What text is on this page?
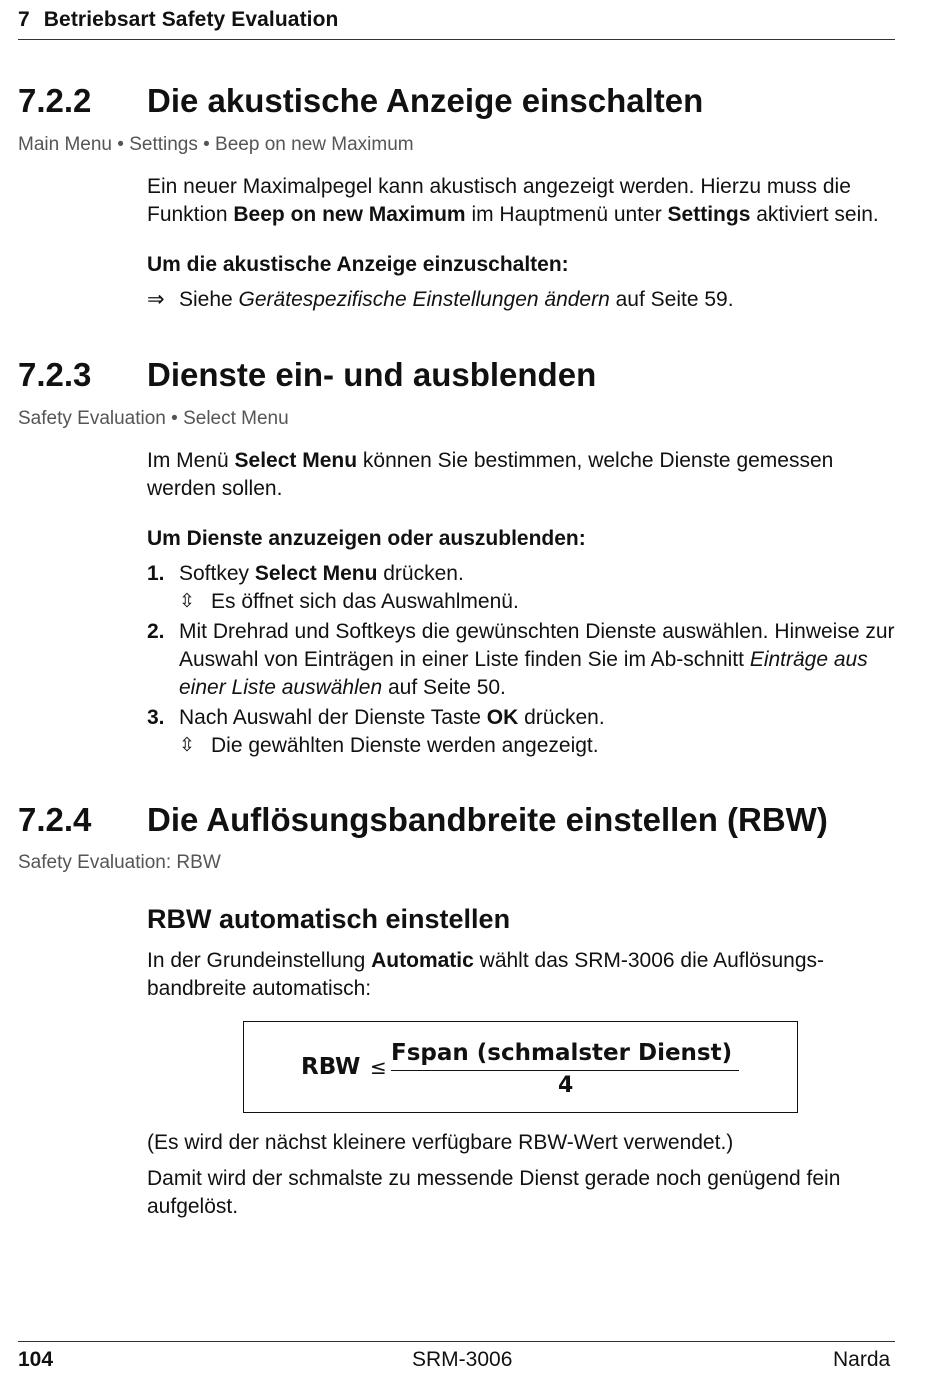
7 Betriebsart Safety Evaluation
7.2.2 Die akustische Anzeige einschalten
Main Menu • Settings • Beep on new Maximum
Ein neuer Maximalpegel kann akustisch angezeigt werden. Hierzu muss die Funktion Beep on new Maximum im Hauptmenü unter Settings aktiviert sein.
Um die akustische Anzeige einzuschalten:
⇒ Siehe Gerätespezifische Einstellungen ändern auf Seite 59.
7.2.3 Dienste ein- und ausblenden
Safety Evaluation • Select Menu
Im Menü Select Menu können Sie bestimmen, welche Dienste gemessen werden sollen.
Um Dienste anzuzeigen oder auszublenden:
1. Softkey Select Menu drücken.
⇳ Es öffnet sich das Auswahlmenü.
2. Mit Drehrad und Softkeys die gewünschten Dienste auswählen. Hinweise zur Auswahl von Einträgen in einer Liste finden Sie im Ab-schnitt Einträge aus einer Liste auswählen auf Seite 50.
3. Nach Auswahl der Dienste Taste OK drücken.
⇳ Die gewählten Dienste werden angezeigt.
7.2.4 Die Auflösungsbandbreite einstellen (RBW)
Safety Evaluation: RBW
RBW automatisch einstellen
In der Grundeinstellung Automatic wählt das SRM-3006 die Auflösungs-bandbreite automatisch:
RBW ≤
Fspan (schmalster Dienst)
4
(Es wird der nächst kleinere verfügbare RBW-Wert verwendet.)
Damit wird der schmalste zu messende Dienst gerade noch genügend fein aufgelöst.
104	SRM-3006	Narda
